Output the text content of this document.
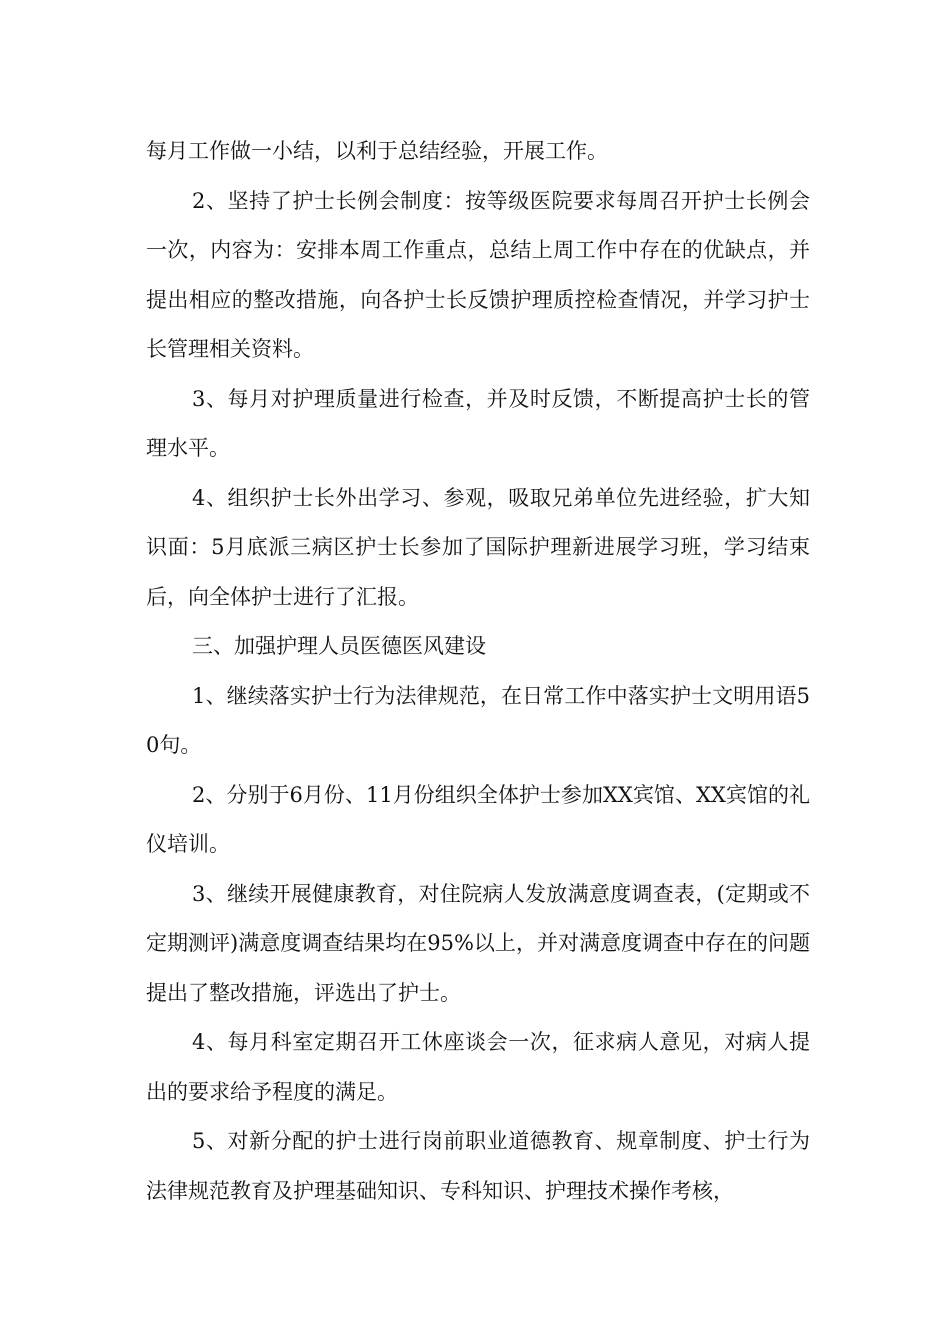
每月工作做一小结，以利于总结经验，开展工作。

2、坚持了护士长例会制度：按等级医院要求每周召开护士长例会一次，内容为：安排本周工作重点，总结上周工作中存在的优缺点，并提出相应的整改措施，向各护士长反馈护理质控检查情况，并学习护士长管理相关资料。

3、每月对护理质量进行检查，并及时反馈，不断提高护士长的管理水平。

4、组织护士长外出学习、参观，吸取兄弟单位先进经验，扩大知识面：5月底派三病区护士长参加了国际护理新进展学习班，学习结束后，向全体护士进行了汇报。

三、加强护理人员医德医风建设

1、继续落实护士行为法律规范，在日常工作中落实护士文明用语50句。

2、分别于6月份、11月份组织全体护士参加XX宾馆、XX宾馆的礼仪培训。

3、继续开展健康教育，对住院病人发放满意度调查表，(定期或不定期测评)满意度调查结果均在95%以上，并对满意度调查中存在的问题提出了整改措施，评选出了护士。

4、每月科室定期召开工休座谈会一次，征求病人意见，对病人提出的要求给予程度的满足。

5、对新分配的护士进行岗前职业道德教育、规章制度、护士行为法律规范教育及护理基础知识、专科知识、护理技术操作考核，
